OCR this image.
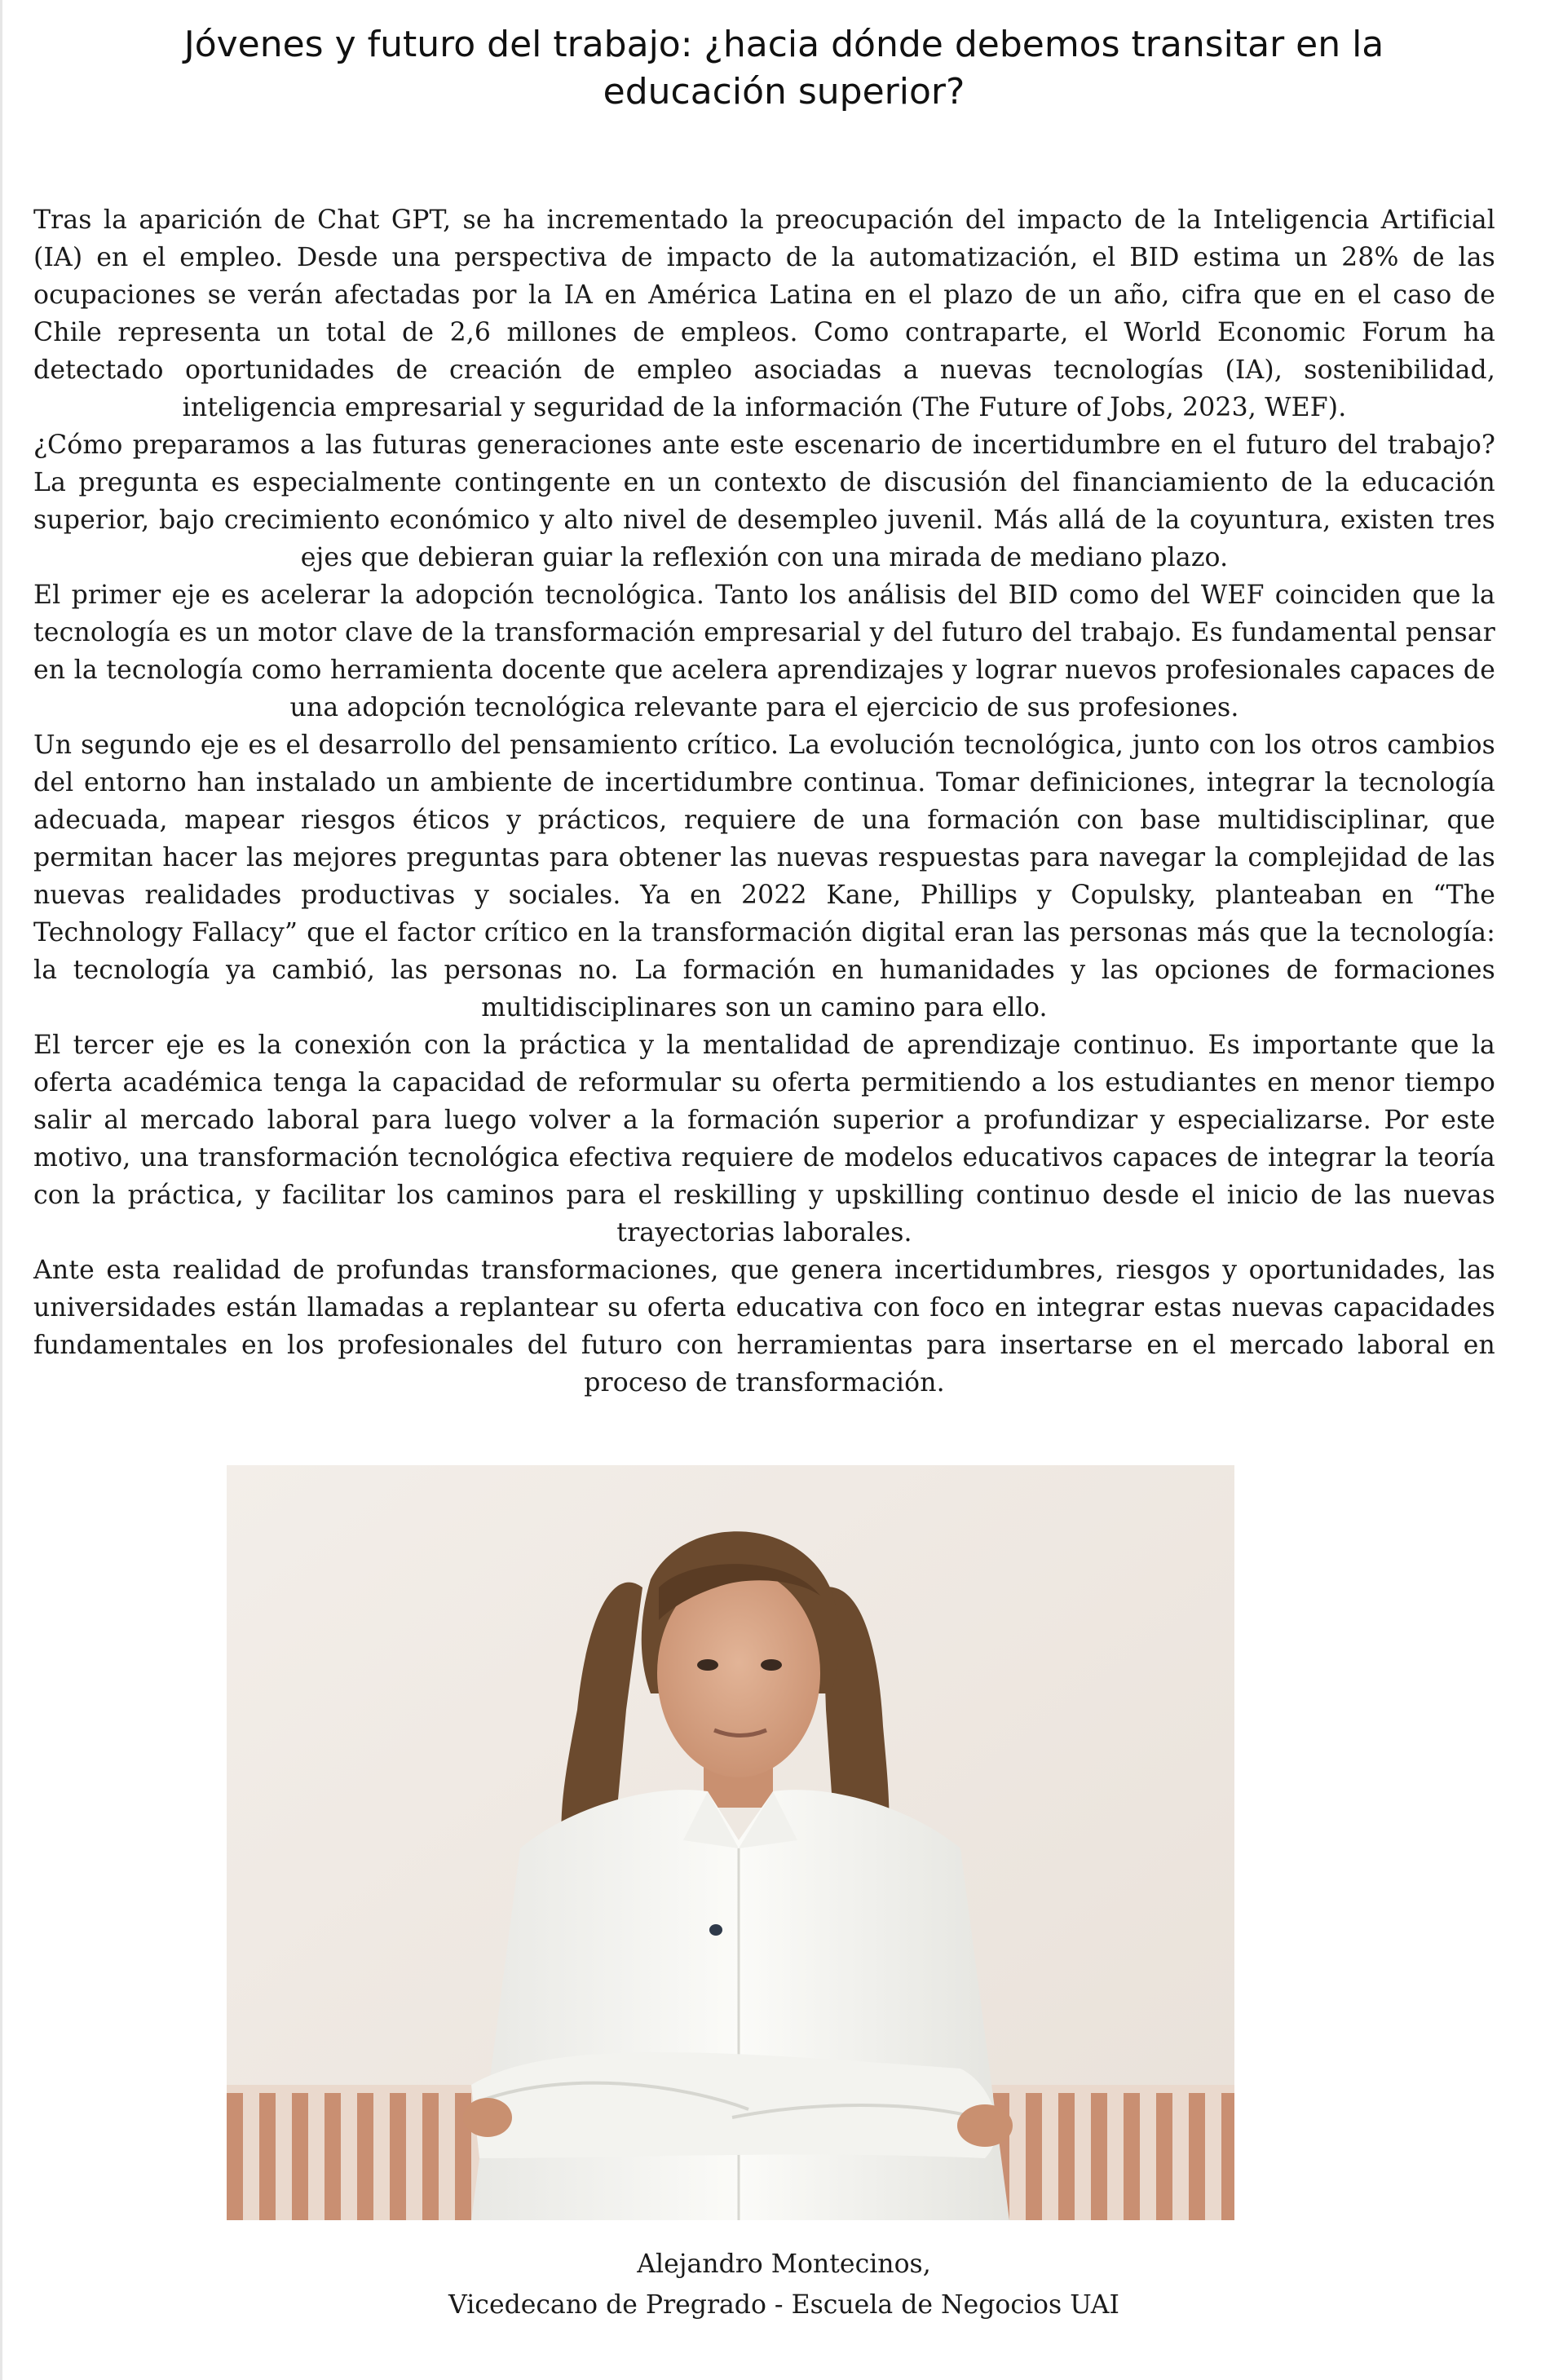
Jóvenes y futuro del trabajo: ¿hacia dónde debemos transitar en la educación superior?

Tras la aparición de Chat GPT, se ha incrementado la preocupación del impacto de la Inteligencia Artificial (IA) en el empleo. Desde una perspectiva de impacto de la automatización, el BID estima un 28% de las ocupaciones se verán afectadas por la IA en América Latina en el plazo de un año, cifra que en el caso de Chile representa un total de 2,6 millones de empleos. Como contraparte, el World Economic Forum ha detectado oportunidades de creación de empleo asociadas a nuevas tecnologías (IA), sostenibilidad, inteligencia empresarial y seguridad de la información (The Future of Jobs, 2023, WEF).

¿Cómo preparamos a las futuras generaciones ante este escenario de incertidumbre en el futuro del trabajo? La pregunta es especialmente contingente en un contexto de discusión del financiamiento de la educación superior, bajo crecimiento económico y alto nivel de desempleo juvenil. Más allá de la coyuntura, existen tres ejes que debieran guiar la reflexión con una mirada de mediano plazo.

El primer eje es acelerar la adopción tecnológica. Tanto los análisis del BID como del WEF coinciden que la tecnología es un motor clave de la transformación empresarial y del futuro del trabajo. Es fundamental pensar en la tecnología como herramienta docente que acelera aprendizajes y lograr nuevos profesionales capaces de una adopción tecnológica relevante para el ejercicio de sus profesiones.

Un segundo eje es el desarrollo del pensamiento crítico. La evolución tecnológica, junto con los otros cambios del entorno han instalado un ambiente de incertidumbre continua. Tomar definiciones, integrar la tecnología adecuada, mapear riesgos éticos y prácticos, requiere de una formación con base multidisciplinar, que permitan hacer las mejores preguntas para obtener las nuevas respuestas para navegar la complejidad de las nuevas realidades productivas y sociales. Ya en 2022 Kane, Phillips y Copulsky, planteaban en “The Technology Fallacy” que el factor crítico en la transformación digital eran las personas más que la tecnología: la tecnología ya cambió, las personas no. La formación en humanidades y las opciones de formaciones multidisciplinares son un camino para ello.

El tercer eje es la conexión con la práctica y la mentalidad de aprendizaje continuo. Es importante que la oferta académica tenga la capacidad de reformular su oferta permitiendo a los estudiantes en menor tiempo salir al mercado laboral para luego volver a la formación superior a profundizar y especializarse. Por este motivo, una transformación tecnológica efectiva requiere de modelos educativos capaces de integrar la teoría con la práctica, y facilitar los caminos para el reskilling y upskilling continuo desde el inicio de las nuevas trayectorias laborales.

Ante esta realidad de profundas transformaciones, que genera incertidumbres, riesgos y oportunidades, las universidades están llamadas a replantear su oferta educativa con foco en integrar estas nuevas capacidades fundamentales en los profesionales del futuro con herramientas para insertarse en el mercado laboral en proceso de transformación.

Alejandro Montecinos,
Vicedecano de Pregrado - Escuela de Negocios UAI
